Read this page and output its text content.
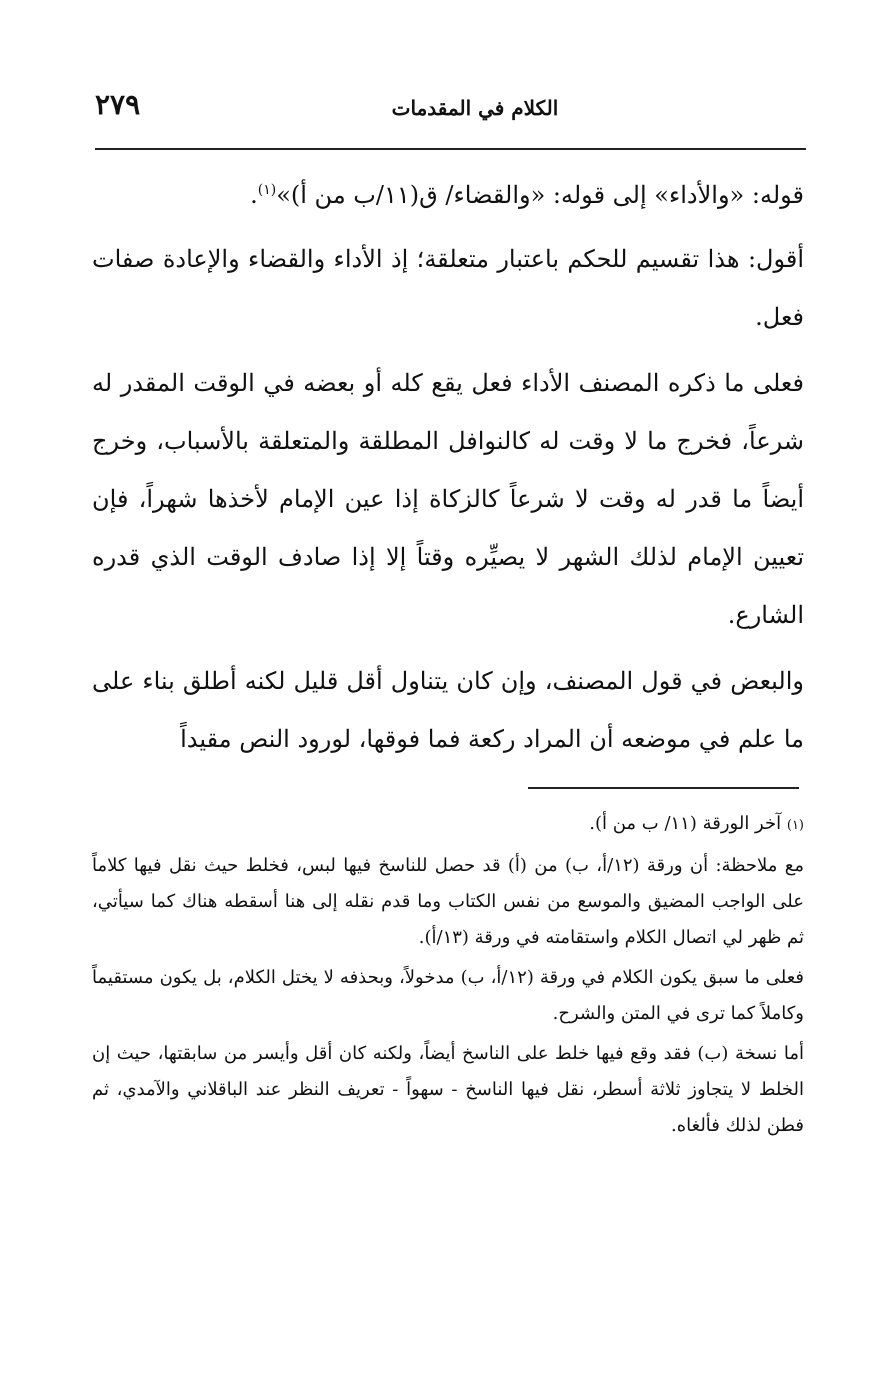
٢٧٩	الكلام في المقدمات

قوله: «والأداء» إلى قوله: «والقضاء/ ق(١١/ب من أ)»$^{(١)}$.

أقول: هذا تقسيم للحكم باعتبار متعلقة؛ إذ الأداء والقضاء والإعادة صفات فعل.

فعلى ما ذكره المصنف الأداء فعل يقع كله أو بعضه في الوقت المقدر له شرعاً، فخرج ما لا وقت له كالنوافل المطلقة والمتعلقة بالأسباب، وخرج أيضاً ما قدر له وقت لا شرعاً كالزكاة إذا عين الإمام لأخذها شهراً، فإن تعيين الإمام لذلك الشهر لا يصيِّره وقتاً إلا إذا صادف الوقت الذي قدره الشارع.

والبعض في قول المصنف، وإن كان يتناول أقل قليل لكنه أطلق بناء على ما علم في موضعه أن المراد ركعة فما فوقها، لورود النص مقيداً

(١) آخر الورقة (١١/ ب من أ).

مع ملاحظة: أن ورقة (١٢/أ، ب) من (أ) قد حصل للناسخ فيها لبس، فخلط حيث نقل فيها كلاماً على الواجب المضيق والموسع من نفس الكتاب وما قدم نقله إلى هنا أسقطه هناك كما سيأتي، ثم ظهر لي اتصال الكلام واستقامته في ورقة (١٣/أ).

فعلى ما سبق يكون الكلام في ورقة (١٢/أ، ب) مدخولاً، وبحذفه لا يختل الكلام، بل يكون مستقيماً وكاملاً كما ترى في المتن والشرح.

أما نسخة (ب) فقد وقع فيها خلط على الناسخ أيضاً، ولكنه كان أقل وأيسر من سابقتها، حيث إن الخلط لا يتجاوز ثلاثة أسطر، نقل فيها الناسخ - سهواً - تعريف النظر عند الباقلاني والآمدي، ثم فطن لذلك فألغاه.
